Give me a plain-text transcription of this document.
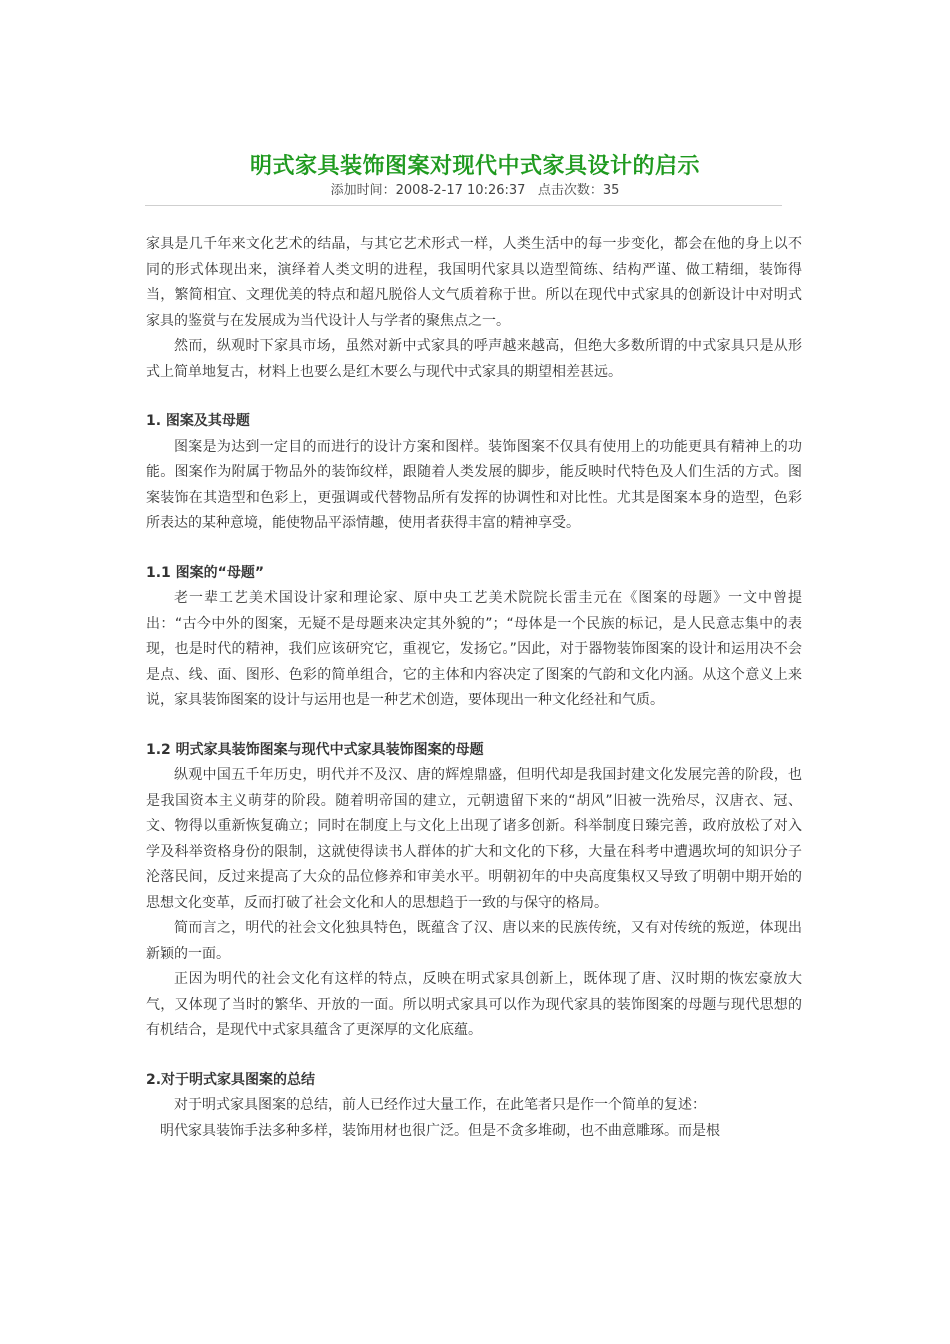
明式家具装饰图案对现代中式家具设计的启示
添加时间：2008-2-17 10:26:37 点击次数：35

家具是几千年来文化艺术的结晶，与其它艺术形式一样，人类生活中的每一步变化，都会在他的身上以不同的形式体现出来，演绎着人类文明的进程，我国明代家具以造型简练、结构严谨、做工精细，装饰得当，繁简相宜、文理优美的特点和超凡脱俗人文气质着称于世。所以在现代中式家具的创新设计中对明式家具的鉴赏与在发展成为当代设计人与学者的聚焦点之一。

然而，纵观时下家具市场，虽然对新中式家具的呼声越来越高，但绝大多数所谓的中式家具只是从形式上简单地复古，材料上也要么是红木要么与现代中式家具的期望相差甚远。

1. 图案及其母题

图案是为达到一定目的而进行的设计方案和图样。装饰图案不仅具有使用上的功能更具有精神上的功能。图案作为附属于物品外的装饰纹样，跟随着人类发展的脚步，能反映时代特色及人们生活的方式。图案装饰在其造型和色彩上，更强调或代替物品所有发挥的协调性和对比性。尤其是图案本身的造型，色彩所表达的某种意境，能使物品平添情趣，使用者获得丰富的精神享受。

1.1 图案的“母题”

老一辈工艺美术国设计家和理论家、原中央工艺美术院院长雷圭元在《图案的母题》一文中曾提出：“古今中外的图案，无疑不是母题来决定其外貌的”；“母体是一个民族的标记，是人民意志集中的表现，也是时代的精神，我们应该研究它，重视它，发扬它。”因此，对于器物装饰图案的设计和运用决不会是点、线、面、图形、色彩的简单组合，它的主体和内容决定了图案的气韵和文化内涵。从这个意义上来说，家具装饰图案的设计与运用也是一种艺术创造，要体现出一种文化经社和气质。

1.2 明式家具装饰图案与现代中式家具装饰图案的母题

纵观中国五千年历史，明代并不及汉、唐的辉煌鼎盛，但明代却是我国封建文化发展完善的阶段，也是我国资本主义萌芽的阶段。随着明帝国的建立，元朝遗留下来的“胡风”旧被一洗殆尽，汉唐衣、冠、文、物得以重新恢复确立；同时在制度上与文化上出现了诸多创新。科举制度日臻完善，政府放松了对入学及科举资格身份的限制，这就使得读书人群体的扩大和文化的下移，大量在科考中遭遇坎坷的知识分子沦落民间，反过来提高了大众的品位修养和审美水平。明朝初年的中央高度集权又导致了明朝中期开始的思想文化变革，反而打破了社会文化和人的思想趋于一致的与保守的格局。

简而言之，明代的社会文化独具特色，既蕴含了汉、唐以来的民族传统，又有对传统的叛逆，体现出新颖的一面。

正因为明代的社会文化有这样的特点，反映在明式家具创新上，既体现了唐、汉时期的恢宏豪放大气，又体现了当时的繁华、开放的一面。所以明式家具可以作为现代家具的装饰图案的母题与现代思想的有机结合，是现代中式家具蕴含了更深厚的文化底蕴。

2.对于明式家具图案的总结

对于明式家具图案的总结，前人已经作过大量工作，在此笔者只是作一个简单的复述：

明代家具装饰手法多种多样，装饰用材也很广泛。但是不贪多堆砌，也不曲意雕琢。而是根
